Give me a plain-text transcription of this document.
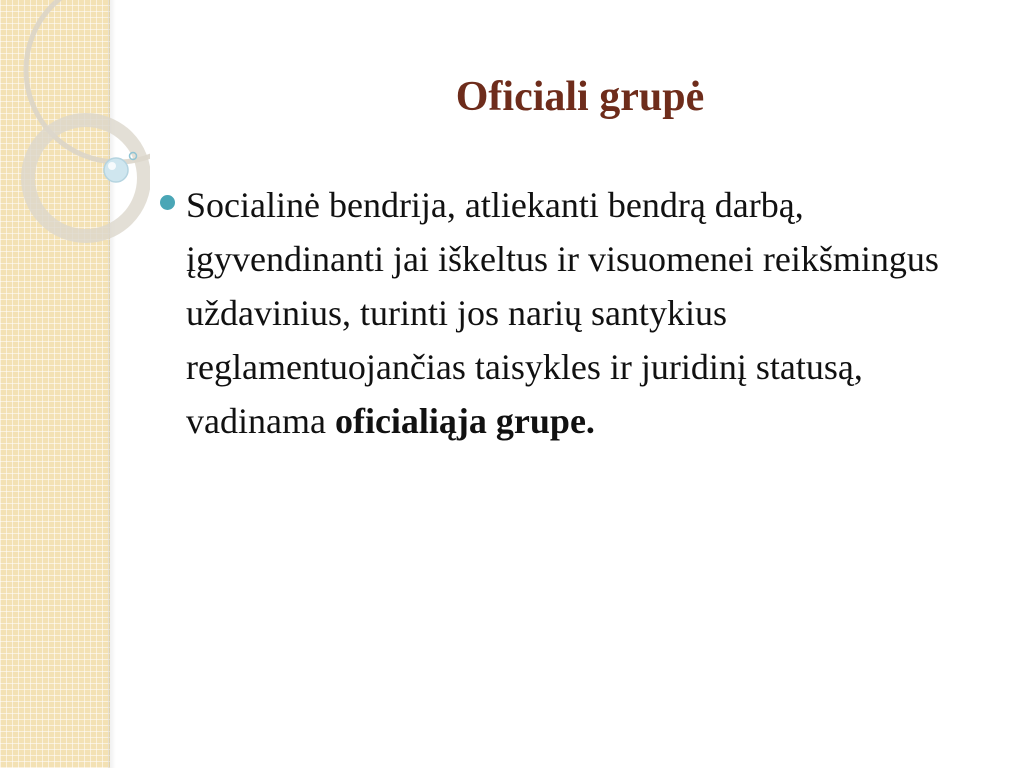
Oficiali grupė
Socialinė bendrija, atliekanti bendrą darbą, įgyvendinanti jai iškeltus ir visuomenei reikšmingus uždavinius, turinti jos narių santykius reglamentuojančias taisykles ir juridinį statusą, vadinama oficialiąja grupe.
